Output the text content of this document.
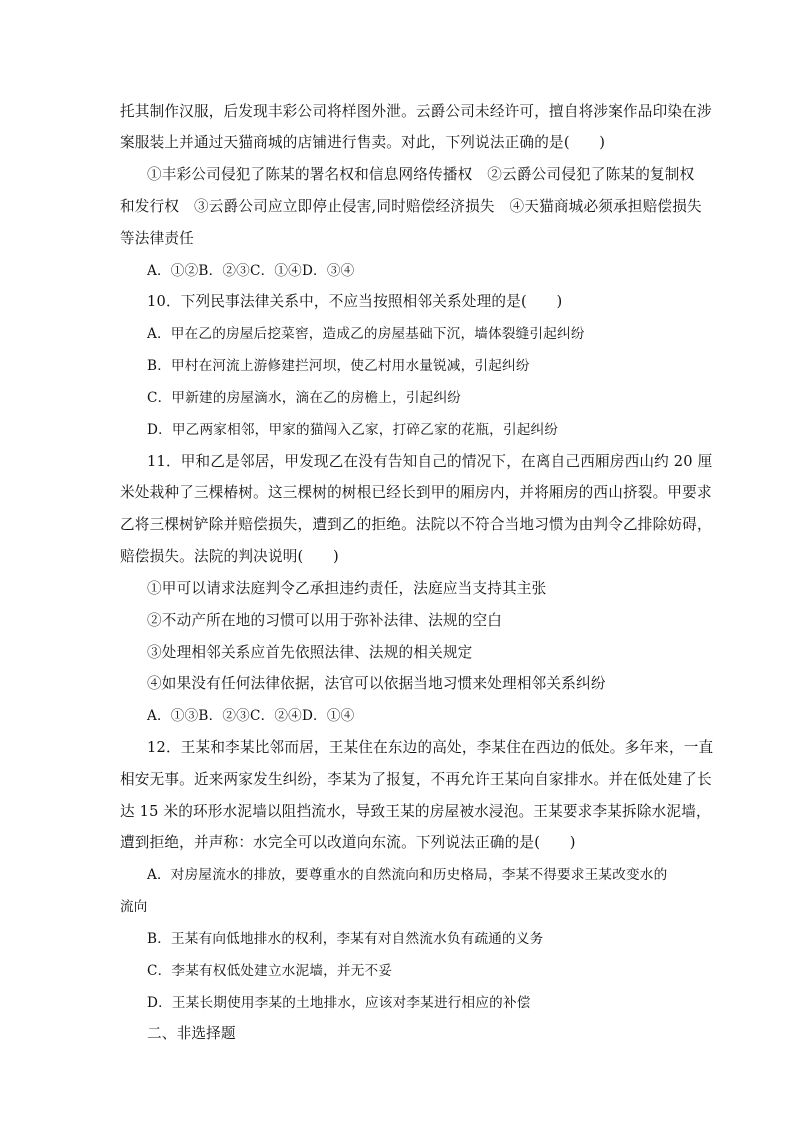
托其制作汉服，后发现丰彩公司将样图外泄。云爵公司未经许可，擅自将涉案作品印染在涉
案服装上并通过天猫商城的店铺进行售卖。对此，下列说法正确的是(　　)
①丰彩公司侵犯了陈某的署名权和信息网络传播权　②云爵公司侵犯了陈某的复制权
和发行权　③云爵公司应立即停止侵害,同时赔偿经济损失　④天猫商城必须承担赔偿损失
等法律责任
A．①②B．②③C．①④D．③④
10．下列民事法律关系中，不应当按照相邻关系处理的是(　　)
A．甲在乙的房屋后挖菜窖，造成乙的房屋基础下沉，墙体裂缝引起纠纷
B．甲村在河流上游修建拦河坝，使乙村用水量锐减，引起纠纷
C．甲新建的房屋滴水，滴在乙的房檐上，引起纠纷
D．甲乙两家相邻，甲家的猫闯入乙家，打碎乙家的花瓶，引起纠纷
11．甲和乙是邻居，甲发现乙在没有告知自己的情况下，在离自己西厢房西山约 20 厘
米处栽种了三棵椿树。这三棵树的树根已经长到甲的厢房内，并将厢房的西山挤裂。甲要求
乙将三棵树铲除并赔偿损失，遭到乙的拒绝。法院以不符合当地习惯为由判令乙排除妨碍，
赔偿损失。法院的判决说明(　　)
①甲可以请求法庭判令乙承担违约责任，法庭应当支持其主张
②不动产所在地的习惯可以用于弥补法律、法规的空白
③处理相邻关系应首先依照法律、法规的相关规定
④如果没有任何法律依据，法官可以依据当地习惯来处理相邻关系纠纷
A．①③B．②③C．②④D．①④
12．王某和李某比邻而居，王某住在东边的高处，李某住在西边的低处。多年来，一直
相安无事。近来两家发生纠纷，李某为了报复，不再允许王某向自家排水。并在低处建了长
达 15 米的环形水泥墙以阻挡流水，导致王某的房屋被水浸泡。王某要求李某拆除水泥墙，
遭到拒绝，并声称：水完全可以改道向东流。下列说法正确的是(　　)
A．对房屋流水的排放，要尊重水的自然流向和历史格局，李某不得要求王某改变水的
流向
B．王某有向低地排水的权利，李某有对自然流水负有疏通的义务
C．李某有权低处建立水泥墙，并无不妥
D．王某长期使用李某的土地排水，应该对李某进行相应的补偿
二、非选择题
